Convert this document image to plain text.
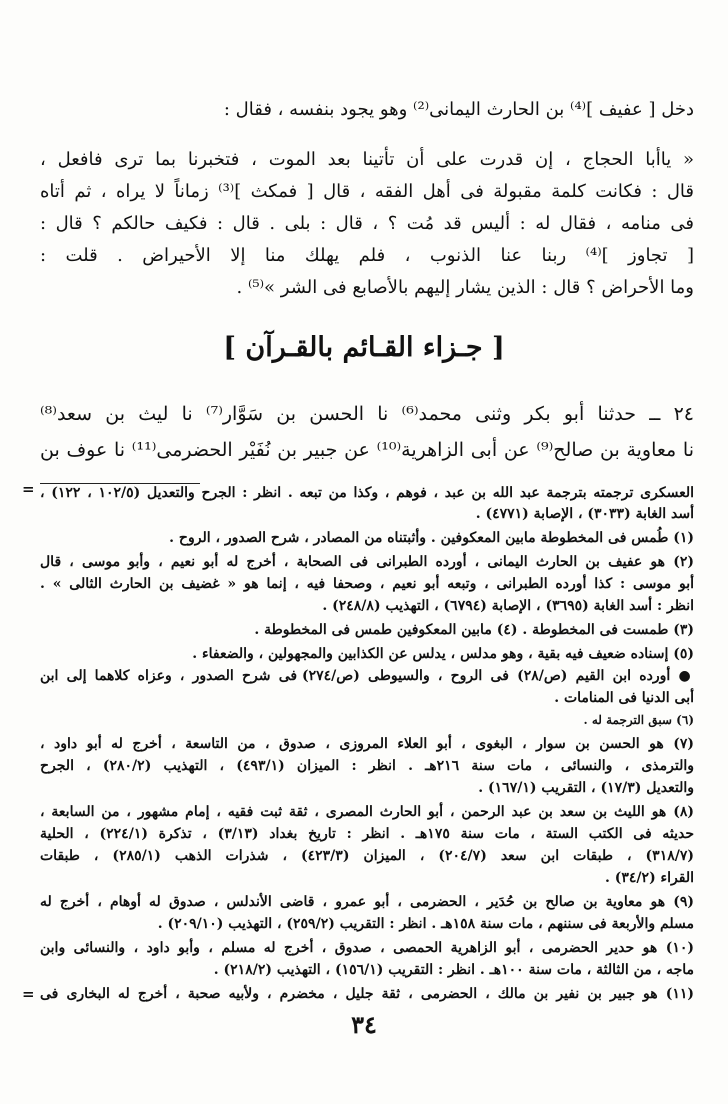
دخل [ عفيف ]⁽⁴⁾ بن الحارث اليمانى⁽²⁾ وهو يجود بنفسه ، فقال :
« ياأبا الحجاج ، إن قدرت على أن تأتينا بعد الموت ، فتخبرنا بما ترى فافعل ،
قال : فكانت كلمة مقبولة فى أهل الفقه ، قال [ فمكث ]⁽³⁾ زماناً لا يراه ، ثم أتاه
فى منامه ، فقال له : أليس قد مُت ؟ ، قال : بلى . قال : فكيف حالكم ؟ قال :
[ تجاوز ]⁽⁴⁾ ربنا عنا الذنوب ، فلم يهلك منا إلا الأحيراض . قلت :
وما الأحراض ؟ قال : الذين يشار إليهم بالأصابع فى الشر »⁽⁵⁾ .
[ جـزاء القـائم بالقـرآن ]
٢٤ ــ حدثنا أبو بكر وثنى محمد⁽⁶⁾ نا الحسن بن سَوَّار⁽⁷⁾ نا ليث بن سعد⁽⁸⁾
نا معاوية بن صالح⁽⁹⁾ عن أبى الزاهرية⁽¹⁰⁾ عن جبير بن نُفَيْر الحضرمى⁽¹¹⁾ نا عوف بن
= العسكرى ترجمته بترجمة عبد الله بن عبد ، فوهم ، وكذا من تبعه . انظر : الجرح والتعديل (١٠٢/٥ ، ١٢٢) ،
أسد الغابة (٣٠٣٣) ، الإصابة (٤٧٧١) .
(١) طُمس فى المخطوطة مابين المعكوفين . وأثبتناه من المصادر ، شرح الصدور ، الروح .
(٢) هو عفيف بن الحارث اليمانى ، أورده الطبرانى فى الصحابة ، أخرج له أبو نعيم ، وأبو موسى ، قال
أبو موسى : كذا أورده الطبرانى ، وتبعه أبو نعيم ، وصحفا فيه ، إنما هو « غضيف بن الحارث الثالى » .
انظر : أسد الغابة (٣٦٩٥) ، الإصابة (٦٧٩٤) ، التهذيب (٢٤٨/٨) .
(٣) طمست فى المخطوطة . (٤) مابين المعكوفين طمس فى المخطوطة .
(٥) إسناده ضعيف فيه بقية ، وهو مدلس ، يدلس عن الكذابين والمجهولين ، والضعفاء .
● أورده ابن القيم (ص/٢٨) فى الروح ، والسيوطى (ص/٢٧٤) فى شرح الصدور ، وعزاه كلاهما إلى ابن
أبى الدنيا فى المنامات .
(٦) سبق الترجمة له .
(٧) هو الحسن بن سوار ، البغوى ، أبو العلاء المروزى ، صدوق ، من التاسعة ، أخرج له أبو داود ،
والترمذى ، والنسائى ، مات سنة ٢١٦هـ . انظر : الميزان (٤٩٣/١) ، التهذيب (٢٨٠/٢) ، الجرح
والتعديل (١٧/٣) ، التقريب (١٦٧/١) .
(٨) هو الليث بن سعد بن عبد الرحمن ، أبو الحارث المصرى ، ثقة ثبت فقيه ، إمام مشهور ، من السابعة ،
حديثه فى الكتب الستة ، مات سنة ١٧٥هـ . انظر : تاريخ بغداد (٣/١٣) ، تذكرة (٢٢٤/١) ، الحلية
(٣١٨/٧) ، طبقات ابن سعد (٢٠٤/٧) ، الميزان (٤٢٣/٣) ، شذرات الذهب (٢٨٥/١) ، طبقات
القراء (٣٤/٢) .
(٩) هو معاوية بن صالح بن حُدَير ، الحضرمى ، أبو عمرو ، قاضى الأندلس ، صدوق له أوهام ، أخرج له
مسلم والأربعة فى سننهم ، مات سنة ١٥٨هـ . انظر : التقريب (٢٥٩/٢) ، التهذيب (٢٠٩/١٠) .
(١٠) هو حدير الحضرمى ، أبو الزاهرية الحمصى ، صدوق ، أخرج له مسلم ، وأبو داود ، والنسائى وابن
ماجه ، من الثالثة ، مات سنة ١٠٠هـ . انظر : التقريب (١٥٦/١) ، التهذيب (٢١٨/٢) .
(١١) هو جبير بن نفير بن مالك ، الحضرمى ، ثقة جليل ، مخضرم ، ولأبيه صحبة ، أخرج له البخارى فى
=
٣٤
